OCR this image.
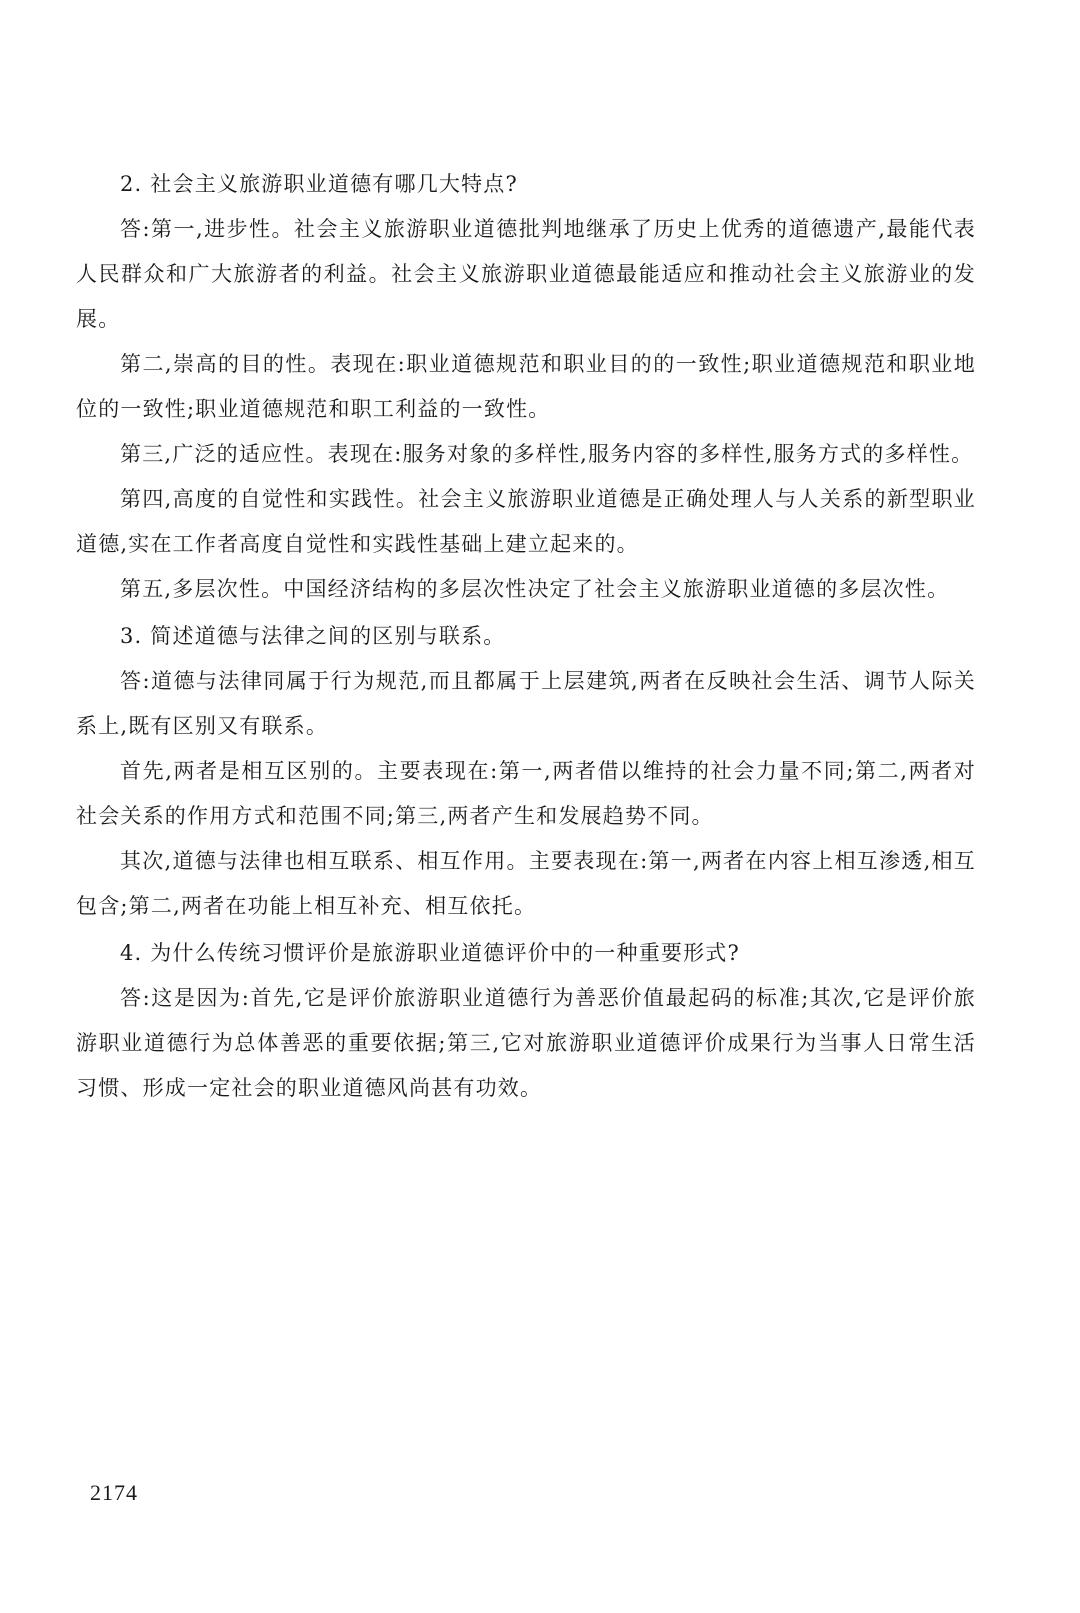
2. 社会主义旅游职业道德有哪几大特点?

答:第一,进步性。社会主义旅游职业道德批判地继承了历史上优秀的道德遗产,最能代表人民群众和广大旅游者的利益。社会主义旅游职业道德最能适应和推动社会主义旅游业的发展。

第二,崇高的目的性。表现在:职业道德规范和职业目的的一致性;职业道德规范和职业地位的一致性;职业道德规范和职工利益的一致性。

第三,广泛的适应性。表现在:服务对象的多样性,服务内容的多样性,服务方式的多样性。

第四,高度的自觉性和实践性。社会主义旅游职业道德是正确处理人与人关系的新型职业道德,实在工作者高度自觉性和实践性基础上建立起来的。

第五,多层次性。中国经济结构的多层次性决定了社会主义旅游职业道德的多层次性。

3. 简述道德与法律之间的区别与联系。

答:道德与法律同属于行为规范,而且都属于上层建筑,两者在反映社会生活、调节人际关系上,既有区别又有联系。

首先,两者是相互区别的。主要表现在:第一,两者借以维持的社会力量不同;第二,两者对社会关系的作用方式和范围不同;第三,两者产生和发展趋势不同。

其次,道德与法律也相互联系、相互作用。主要表现在:第一,两者在内容上相互渗透,相互包含;第二,两者在功能上相互补充、相互依托。

4. 为什么传统习惯评价是旅游职业道德评价中的一种重要形式?

答:这是因为:首先,它是评价旅游职业道德行为善恶价值最起码的标准;其次,它是评价旅游职业道德行为总体善恶的重要依据;第三,它对旅游职业道德评价成果行为当事人日常生活习惯、形成一定社会的职业道德风尚甚有功效。

2174
